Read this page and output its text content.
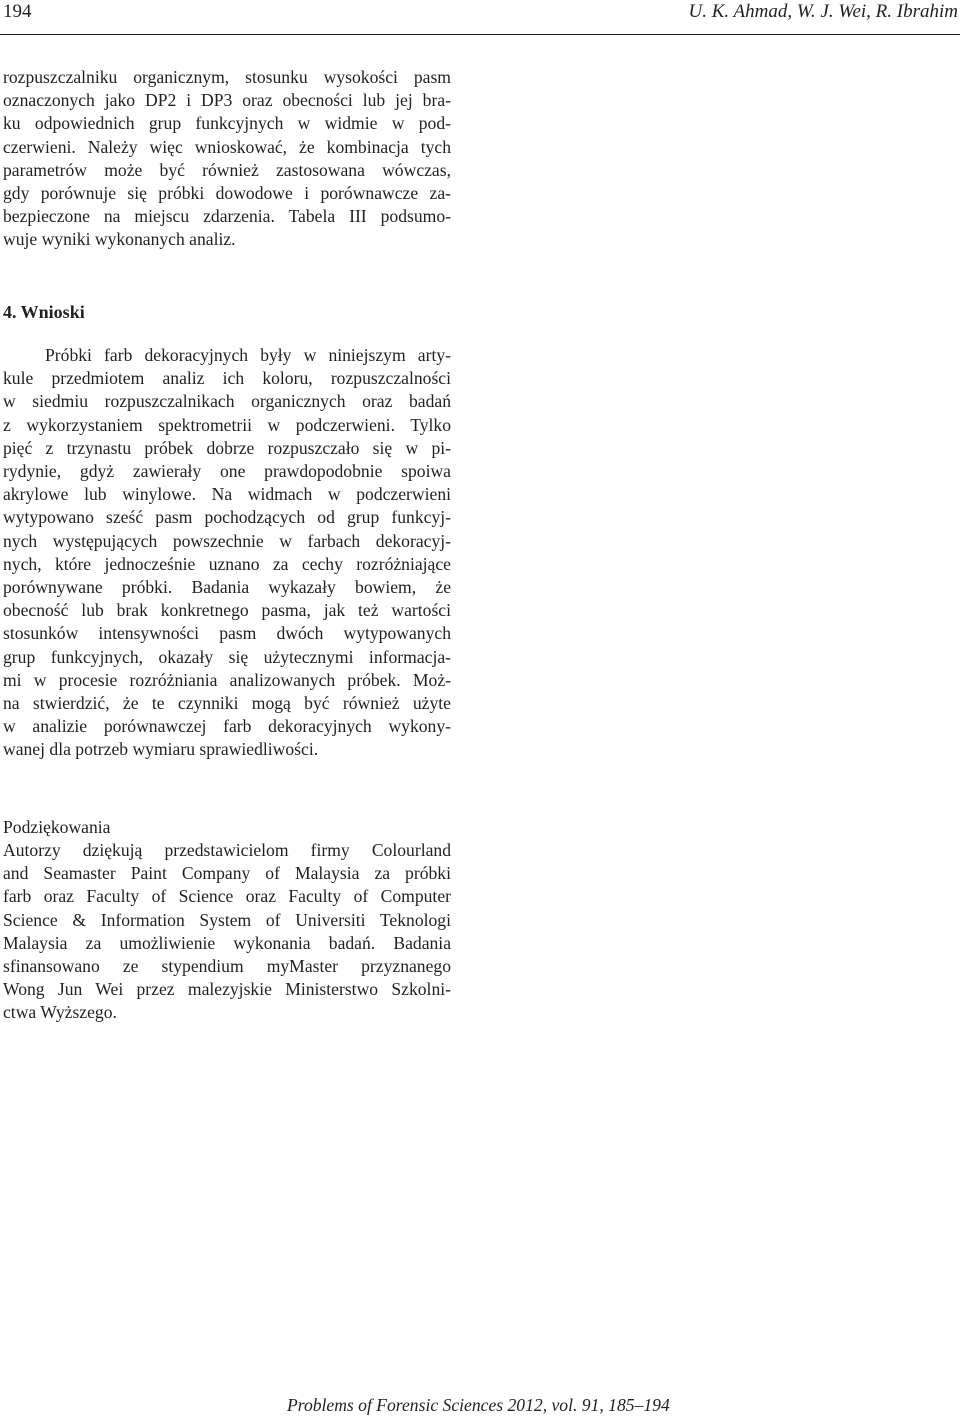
194	U. K. Ahmad, W. J. Wei, R. Ibrahim
rozpuszczalniku organicznym, stosunku wysokości pasm
oznaczonych jako DP2 i DP3 oraz obecności lub jej bra-
ku odpowiednich grup funkcyjnych w widmie w pod-
czerwieni. Należy więc wnioskować, że kombinacja tych
parametrów może być również zastosowana wówczas,
gdy porównuje się próbki dowodowe i porównawcze za-
bezpieczone na miejscu zdarzenia. Tabela III podsumo-
wuje wyniki wykonanych analiz.
4. Wnioski
Próbki farb dekoracyjnych były w niniejszym arty-
kule przedmiotem analiz ich koloru, rozpuszczalności
w siedmiu rozpuszczalnikach organicznych oraz badań
z wykorzystaniem spektrometrii w podczerwieni. Tylko
pięć z trzynastu próbek dobrze rozpuszczało się w pi-
rydynie, gdyż zawierały one prawdopodobnie spoiwa
akrylowe lub winylowe. Na widmach w podczerwieni
wytypowano sześć pasm pochodzących od grup funkcyj-
nych występujących powszechnie w farbach dekoracyj-
nych, które jednocześnie uznano za cechy rozróżniające
porównywane próbki. Badania wykazały bowiem, że
obecność lub brak konkretnego pasma, jak też wartości
stosunków intensywności pasm dwóch wytypowanych
grup funkcyjnych, okazały się użytecznymi informacja-
mi w procesie rozróżniania analizowanych próbek. Moż-
na stwierdzić, że te czynniki mogą być również użyte
w analizie porównawczej farb dekoracyjnych wykony-
wanej dla potrzeb wymiaru sprawiedliwości.
Podziękowania
Autorzy dziękują przedstawicielom firmy Colourland
and Seamaster Paint Company of Malaysia za próbki
farb oraz Faculty of Science oraz Faculty of Computer
Science & Information System of Universiti Teknologi
Malaysia za umożliwienie wykonania badań. Badania
sfinansowano ze stypendium myMaster przyznanego
Wong Jun Wei przez malezyjskie Ministerstwo Szkolni-
ctwa Wyższego.
Problems of Forensic Sciences 2012, vol. 91, 185–194
